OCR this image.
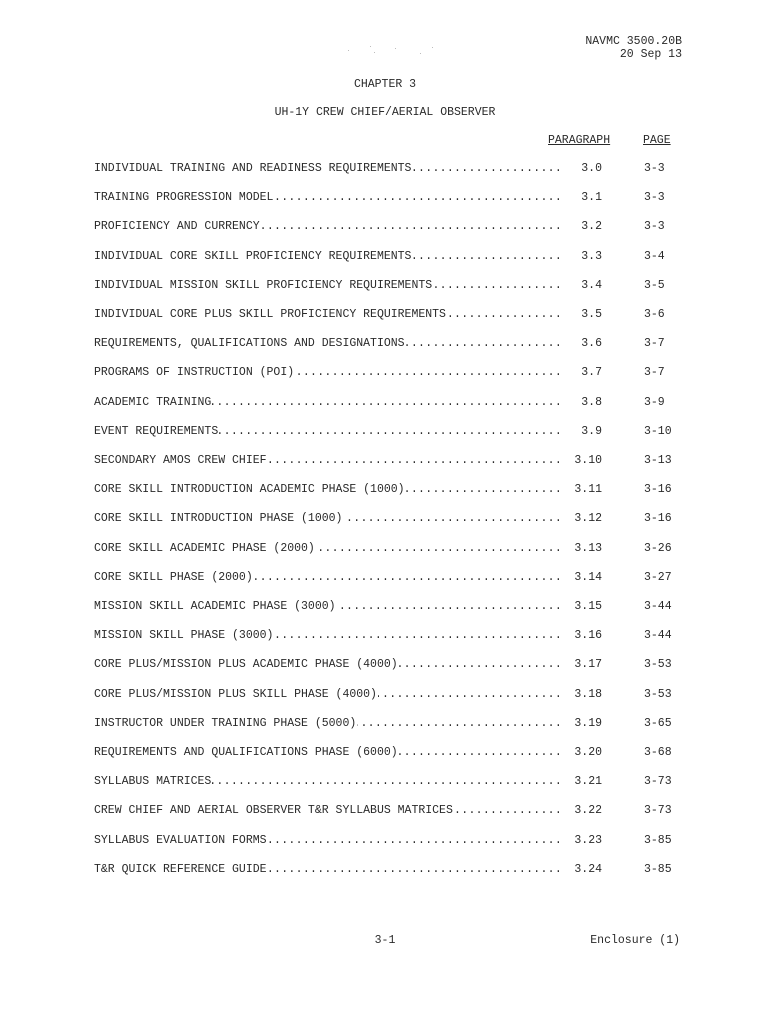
NAVMC 3500.20B
20 Sep 13
CHAPTER 3
UH-1Y CREW CHIEF/AERIAL OBSERVER
PARAGRAPH	PAGE
INDIVIDUAL TRAINING AND READINESS REQUIREMENTS .....	3.0	3-3
TRAINING PROGRESSION MODEL .....	3.1	3-3
PROFICIENCY AND CURRENCY .....	3.2	3-3
INDIVIDUAL CORE SKILL PROFICIENCY REQUIREMENTS .....	3.3	3-4
INDIVIDUAL MISSION SKILL PROFICIENCY REQUIREMENTS .....	3.4	3-5
INDIVIDUAL CORE PLUS SKILL PROFICIENCY REQUIREMENTS .....	3.5	3-6
REQUIREMENTS, QUALIFICATIONS AND DESIGNATIONS .....	3.6	3-7
PROGRAMS OF INSTRUCTION (POI) .....	3.7	3-7
ACADEMIC TRAINING .....	3.8	3-9
EVENT REQUIREMENTS .....	3.9	3-10
SECONDARY AMOS CREW CHIEF .....	3.10	3-13
CORE SKILL INTRODUCTION ACADEMIC PHASE (1000) .....	3.11	3-16
CORE SKILL INTRODUCTION PHASE (1000) .....	3.12	3-16
CORE SKILL ACADEMIC PHASE (2000) .....	3.13	3-26
CORE SKILL PHASE (2000) .....	3.14	3-27
MISSION SKILL ACADEMIC PHASE (3000) .....	3.15	3-44
MISSION SKILL PHASE (3000) .....	3.16	3-44
CORE PLUS/MISSION PLUS ACADEMIC PHASE (4000) .....	3.17	3-53
CORE PLUS/MISSION PLUS SKILL PHASE (4000) .....	3.18	3-53
INSTRUCTOR UNDER TRAINING PHASE (5000) .....	3.19	3-65
REQUIREMENTS AND QUALIFICATIONS PHASE (6000) .....	3.20	3-68
SYLLABUS MATRICES .....	3.21	3-73
CREW CHIEF AND AERIAL OBSERVER T&R SYLLABUS MATRICES .....	3.22	3-73
SYLLABUS EVALUATION FORMS .....	3.23	3-85
T&R QUICK REFERENCE GUIDE .....	3.24	3-85
3-1	Enclosure (1)
